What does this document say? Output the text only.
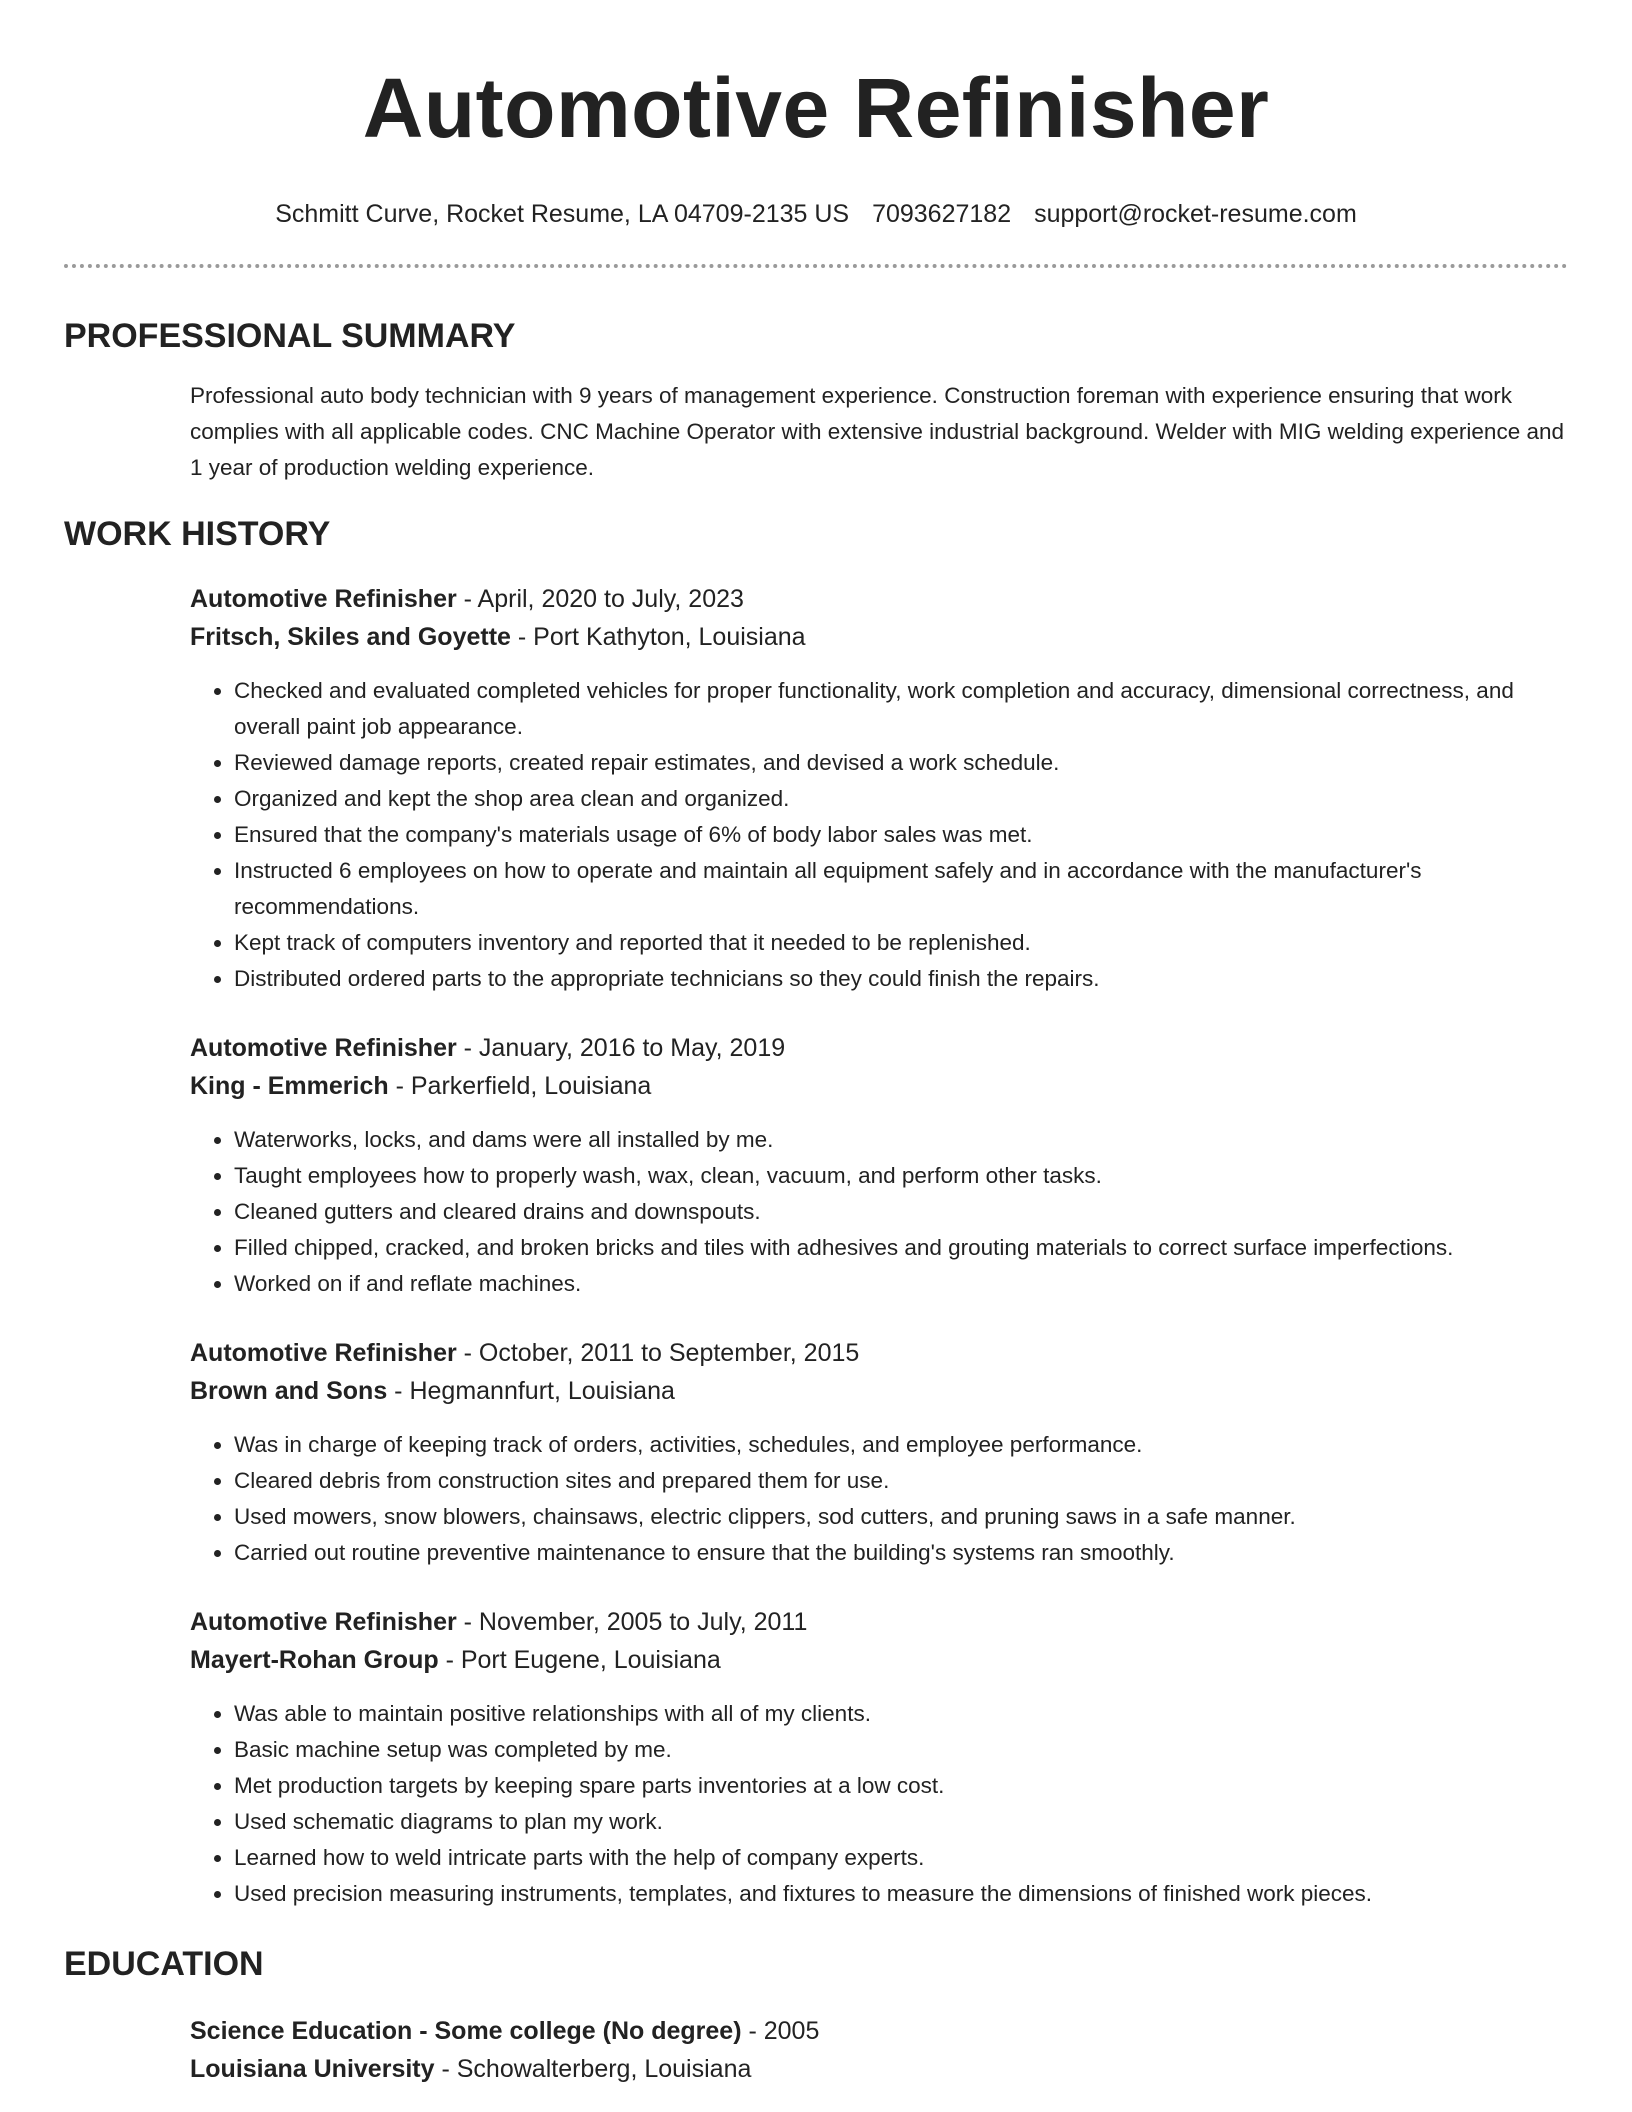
Automotive Refinisher
Schmitt Curve, Rocket Resume, LA 04709-2135 US 7093627182 support@rocket-resume.com
PROFESSIONAL SUMMARY

Professional auto body technician with 9 years of management experience. Construction foreman with experience ensuring that work complies with all applicable codes. CNC Machine Operator with extensive industrial background. Welder with MIG welding experience and 1 year of production welding experience.

WORK HISTORY
Automotive Refinisher - April, 2020 to July, 2023
Fritsch, Skiles and Goyette - Port Kathyton, Louisiana
• Checked and evaluated completed vehicles for proper functionality, work completion and accuracy, dimensional correctness, and overall paint job appearance.
• Reviewed damage reports, created repair estimates, and devised a work schedule.
• Organized and kept the shop area clean and organized.
• Ensured that the company's materials usage of 6% of body labor sales was met.
• Instructed 6 employees on how to operate and maintain all equipment safely and in accordance with the manufacturer's recommendations.
• Kept track of computers inventory and reported that it needed to be replenished.
• Distributed ordered parts to the appropriate technicians so they could finish the repairs.
Automotive Refinisher - January, 2016 to May, 2019
King - Emmerich - Parkerfield, Louisiana
• Waterworks, locks, and dams were all installed by me.
• Taught employees how to properly wash, wax, clean, vacuum, and perform other tasks.
• Cleaned gutters and cleared drains and downspouts.
• Filled chipped, cracked, and broken bricks and tiles with adhesives and grouting materials to correct surface imperfections.
• Worked on if and reflate machines.
Automotive Refinisher - October, 2011 to September, 2015
Brown and Sons - Hegmannfurt, Louisiana
• Was in charge of keeping track of orders, activities, schedules, and employee performance.
• Cleared debris from construction sites and prepared them for use.
• Used mowers, snow blowers, chainsaws, electric clippers, sod cutters, and pruning saws in a safe manner.
• Carried out routine preventive maintenance to ensure that the building's systems ran smoothly.
Automotive Refinisher - November, 2005 to July, 2011
Mayert-Rohan Group - Port Eugene, Louisiana
• Was able to maintain positive relationships with all of my clients.
• Basic machine setup was completed by me.
• Met production targets by keeping spare parts inventories at a low cost.
• Used schematic diagrams to plan my work.
• Learned how to weld intricate parts with the help of company experts.
• Used precision measuring instruments, templates, and fixtures to measure the dimensions of finished work pieces.
EDUCATION
Science Education - Some college (No degree) - 2005
Louisiana University - Schowalterberg, Louisiana
